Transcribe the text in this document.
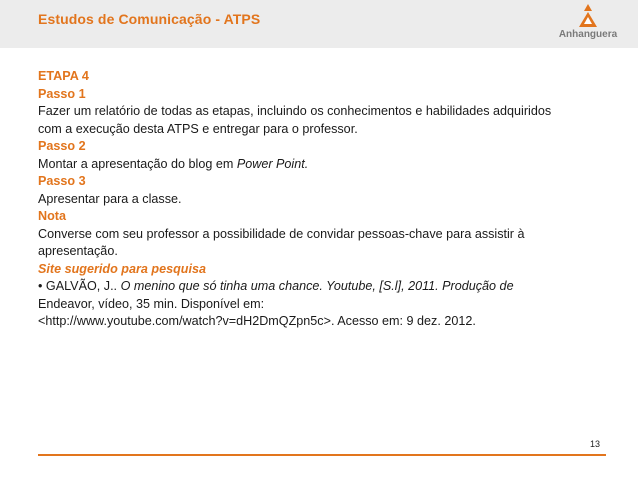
Estudos de Comunicação - ATPS
Anhanguera

ETAPA 4

Passo 1

Fazer um relatório de todas as etapas, incluindo os conhecimentos e habilidades adquiridos

com a execução desta ATPS e entregar para o professor.

Passo 2

Montar a apresentação do blog em Power Point.

Passo 3

Apresentar para a classe.

Nota

Converse com seu professor a possibilidade de convidar pessoas-chave para assistir à

apresentação.

Site sugerido para pesquisa

• GALVÃO, J.. O menino que só tinha uma chance. Youtube, [S.l], 2011. Produção de

Endeavor, vídeo, 35 min. Disponível em:

<http://www.youtube.com/watch?v=dH2DmQZpn5c>. Acesso em: 9 dez. 2012.

13
